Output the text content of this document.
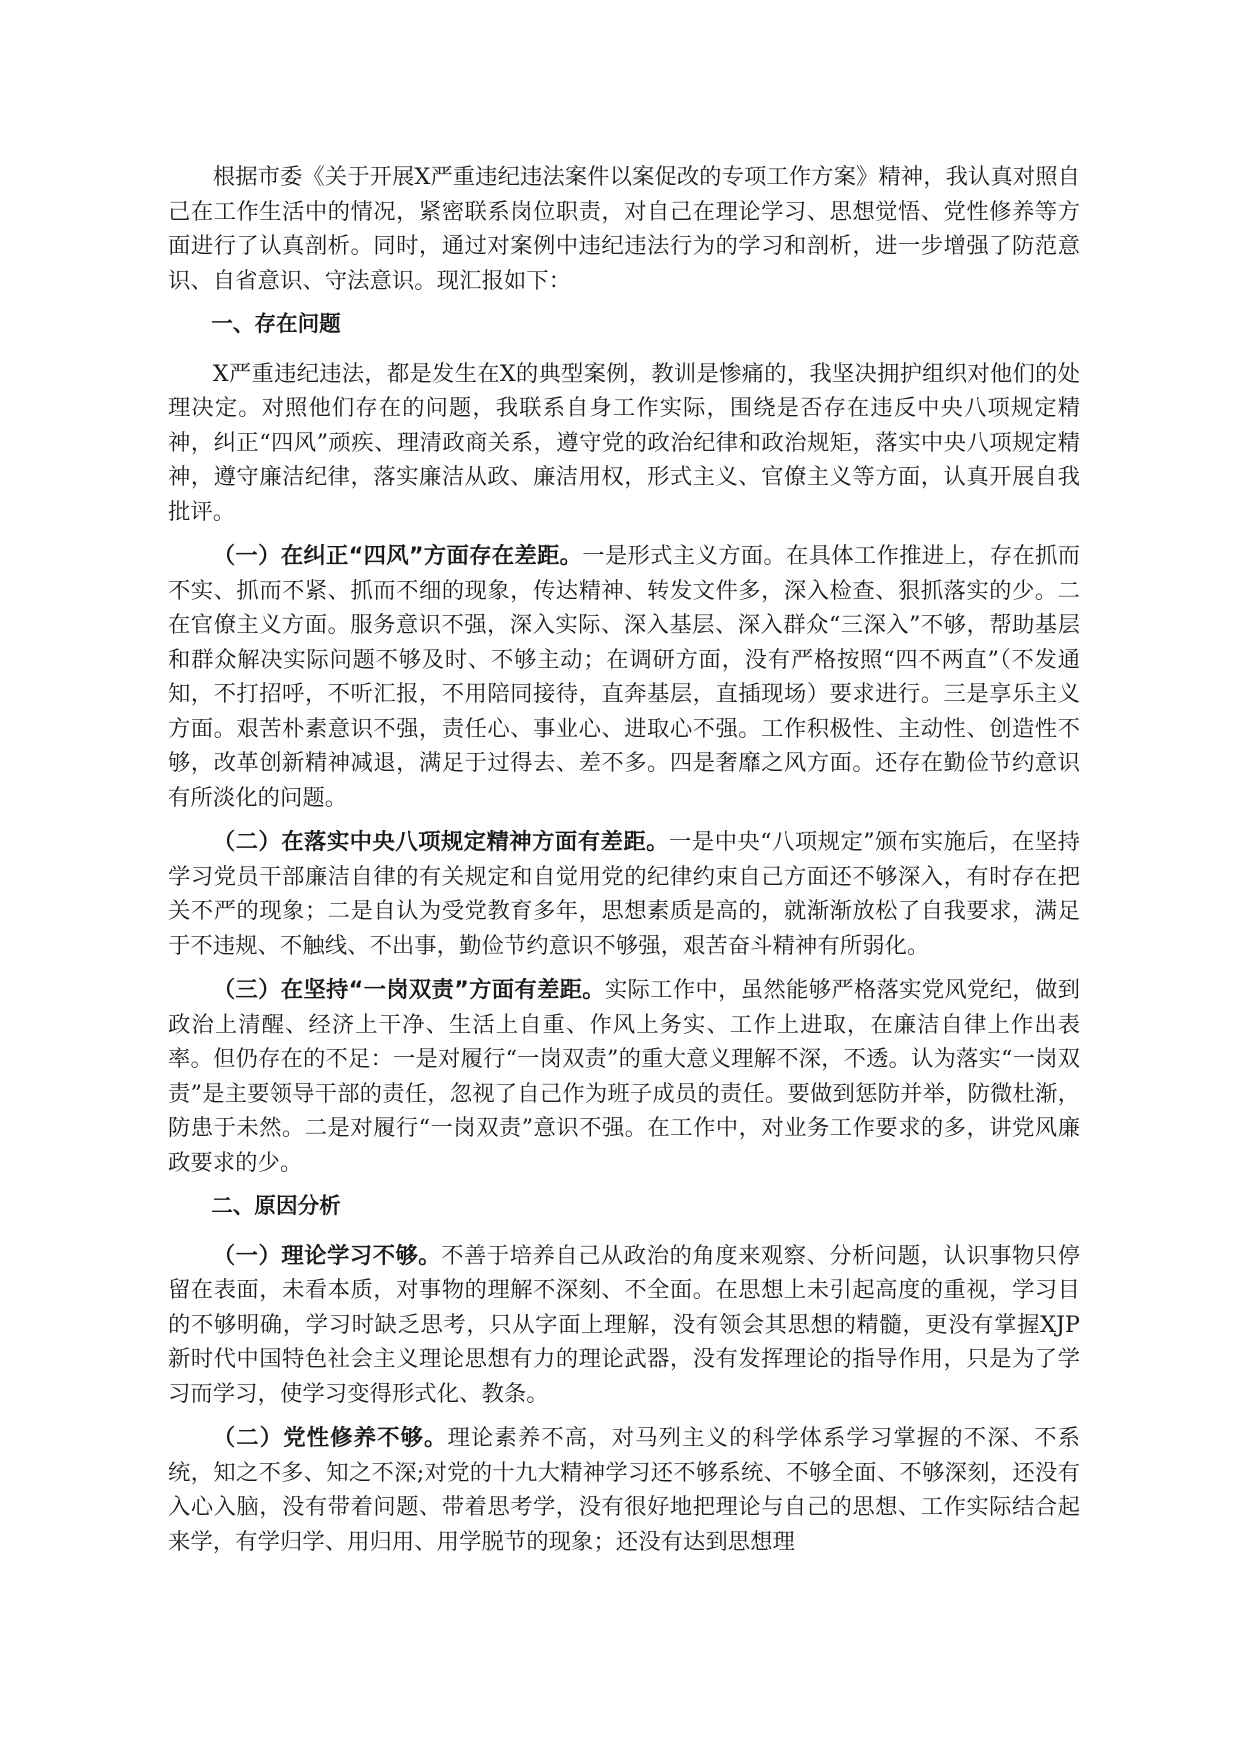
根据市委《关于开展X严重违纪违法案件以案促改的专项工作方案》精神，我认真对照自己在工作生活中的情况，紧密联系岗位职责，对自己在理论学习、思想觉悟、党性修养等方面进行了认真剖析。同时，通过对案例中违纪违法行为的学习和剖析，进一步增强了防范意识、自省意识、守法意识。现汇报如下：

一、存在问题

X严重违纪违法，都是发生在X的典型案例，教训是惨痛的，我坚决拥护组织对他们的处理决定。对照他们存在的问题，我联系自身工作实际，围绕是否存在违反中央八项规定精神，纠正“四风”顽疾、理清政商关系，遵守党的政治纪律和政治规矩，落实中央八项规定精神，遵守廉洁纪律，落实廉洁从政、廉洁用权，形式主义、官僚主义等方面，认真开展自我批评。

（一）在纠正“四风”方面存在差距。一是形式主义方面。在具体工作推进上，存在抓而不实、抓而不紧、抓而不细的现象，传达精神、转发文件多，深入检查、狠抓落实的少。二在官僚主义方面。服务意识不强，深入实际、深入基层、深入群众“三深入”不够，帮助基层和群众解决实际问题不够及时、不够主动；在调研方面，没有严格按照“四不两直”（不发通知，不打招呼，不听汇报，不用陪同接待，直奔基层，直插现场）要求进行。三是享乐主义方面。艰苦朴素意识不强，责任心、事业心、进取心不强。工作积极性、主动性、创造性不够，改革创新精神减退，满足于过得去、差不多。四是奢靡之风方面。还存在勤俭节约意识有所淡化的问题。

（二）在落实中央八项规定精神方面有差距。一是中央“八项规定”颁布实施后，在坚持学习党员干部廉洁自律的有关规定和自觉用党的纪律约束自己方面还不够深入，有时存在把关不严的现象；二是自认为受党教育多年，思想素质是高的，就渐渐放松了自我要求，满足于不违规、不触线、不出事，勤俭节约意识不够强，艰苦奋斗精神有所弱化。

（三）在坚持“一岗双责”方面有差距。实际工作中，虽然能够严格落实党风党纪，做到政治上清醒、经济上干净、生活上自重、作风上务实、工作上进取，在廉洁自律上作出表率。但仍存在的不足：一是对履行“一岗双责”的重大意义理解不深，不透。认为落实“一岗双责”是主要领导干部的责任，忽视了自己作为班子成员的责任。要做到惩防并举，防微杜渐，防患于未然。二是对履行“一岗双责”意识不强。在工作中，对业务工作要求的多，讲党风廉政要求的少。

二、原因分析

（一）理论学习不够。不善于培养自己从政治的角度来观察、分析问题，认识事物只停留在表面，未看本质，对事物的理解不深刻、不全面。在思想上未引起高度的重视，学习目的不够明确，学习时缺乏思考，只从字面上理解，没有领会其思想的精髓，更没有掌握XJP新时代中国特色社会主义理论思想有力的理论武器，没有发挥理论的指导作用，只是为了学习而学习，使学习变得形式化、教条。

（二）党性修养不够。理论素养不高，对马列主义的科学体系学习掌握的不深、不系统，知之不多、知之不深;对党的十九大精神学习还不够系统、不够全面、不够深刻，还没有入心入脑，没有带着问题、带着思考学，没有很好地把理论与自己的思想、工作实际结合起来学，有学归学、用归用、用学脱节的现象；还没有达到思想理
